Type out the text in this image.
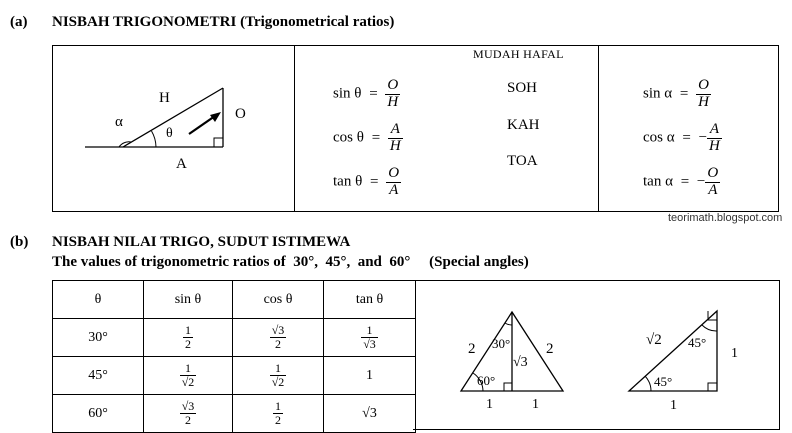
(a) NISBAH TRIGONOMETRI (Trigonometrical ratios)
α
θ
H
O
A
$\sin \theta = \frac{O}{H}$
$\cos \theta = \frac{A}{H}$
$\tan \theta = \frac{O}{A}$
MUDAH HAFAL
SOH
KAH
TOA
$\sin \alpha = \frac{O}{H}$
cos α = − $\frac{A}{H}$
tan α = − $\frac{O}{A}$
teorimath.blogspot.com
(b) NISBAH NILAI TRIGO, SUDUT ISTIMEWA
The values of trigonometric ratios of  30°,  45°,  and  60° (Special angles)
θ	sin θ	cos θ	tan θ
30°	$\frac{1}{2}$	$\frac{√3}{2}$	$\frac{1}{√3}$

45°	$\frac{1}{√2}$	$\frac{1}{√2}$	1
60°	$\frac{√3}{2}$	$\frac{1}{2}$	√3
2	2
30°
60°
√3
1	1
√2 45°
45°
1
1
